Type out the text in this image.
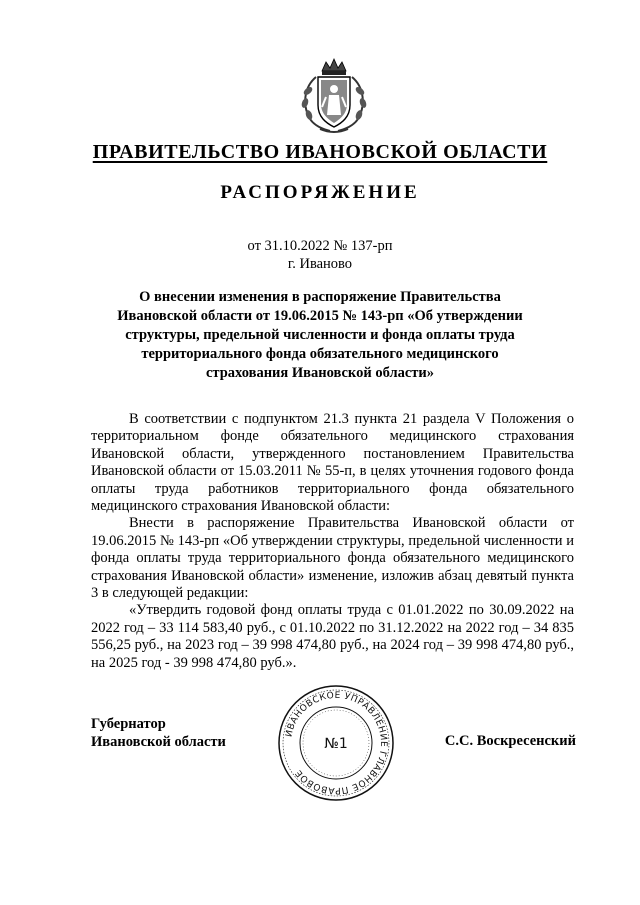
ПРАВИТЕЛЬСТВО ИВАНОВСКОЙ ОБЛАСТИ
РАСПОРЯЖЕНИЕ
от 31.10.2022 № 137-рп
г. Иваново
О внесении изменения в распоряжение Правительства Ивановской области от 19.06.2015 № 143-рп «Об утверждении структуры, предельной численности и фонда оплаты труда территориального фонда обязательного медицинского страхования Ивановской области»

В соответствии с подпунктом 21.3 пункта 21 раздела V Положения о территориальном фонде обязательного медицинского страхования Ивановской области, утвержденного постановлением Правительства Ивановской области от 15.03.2011 № 55-п, в целях уточнения годового фонда оплаты труда работников территориального фонда обязательного медицинского страхования Ивановской области:

Внести в распоряжение Правительства Ивановской области от 19.06.2015 № 143-рп «Об утверждении структуры, предельной численности и фонда оплаты труда территориального фонда обязательного медицинского страхования Ивановской области» изменение, изложив абзац девятый пункта 3 в следующей редакции:

«Утвердить годовой фонд оплаты труда с 01.01.2022 по 30.09.2022 на 2022 год – 33 114 583,40 руб., с 01.10.2022 по 31.12.2022 на 2022 год – 34 835 556,25 руб., на 2023 год – 39 998 474,80 руб., на 2024 год – 39 998 474,80 руб., на 2025 год - 39 998 474,80 руб.».

Губернатор
Ивановской области	С.С. Воскресенский
ИВАНОВСКОЕ УПРАВЛЕНИЕ ГЛАВНОЕ ПРАВОВОЕ
№1
